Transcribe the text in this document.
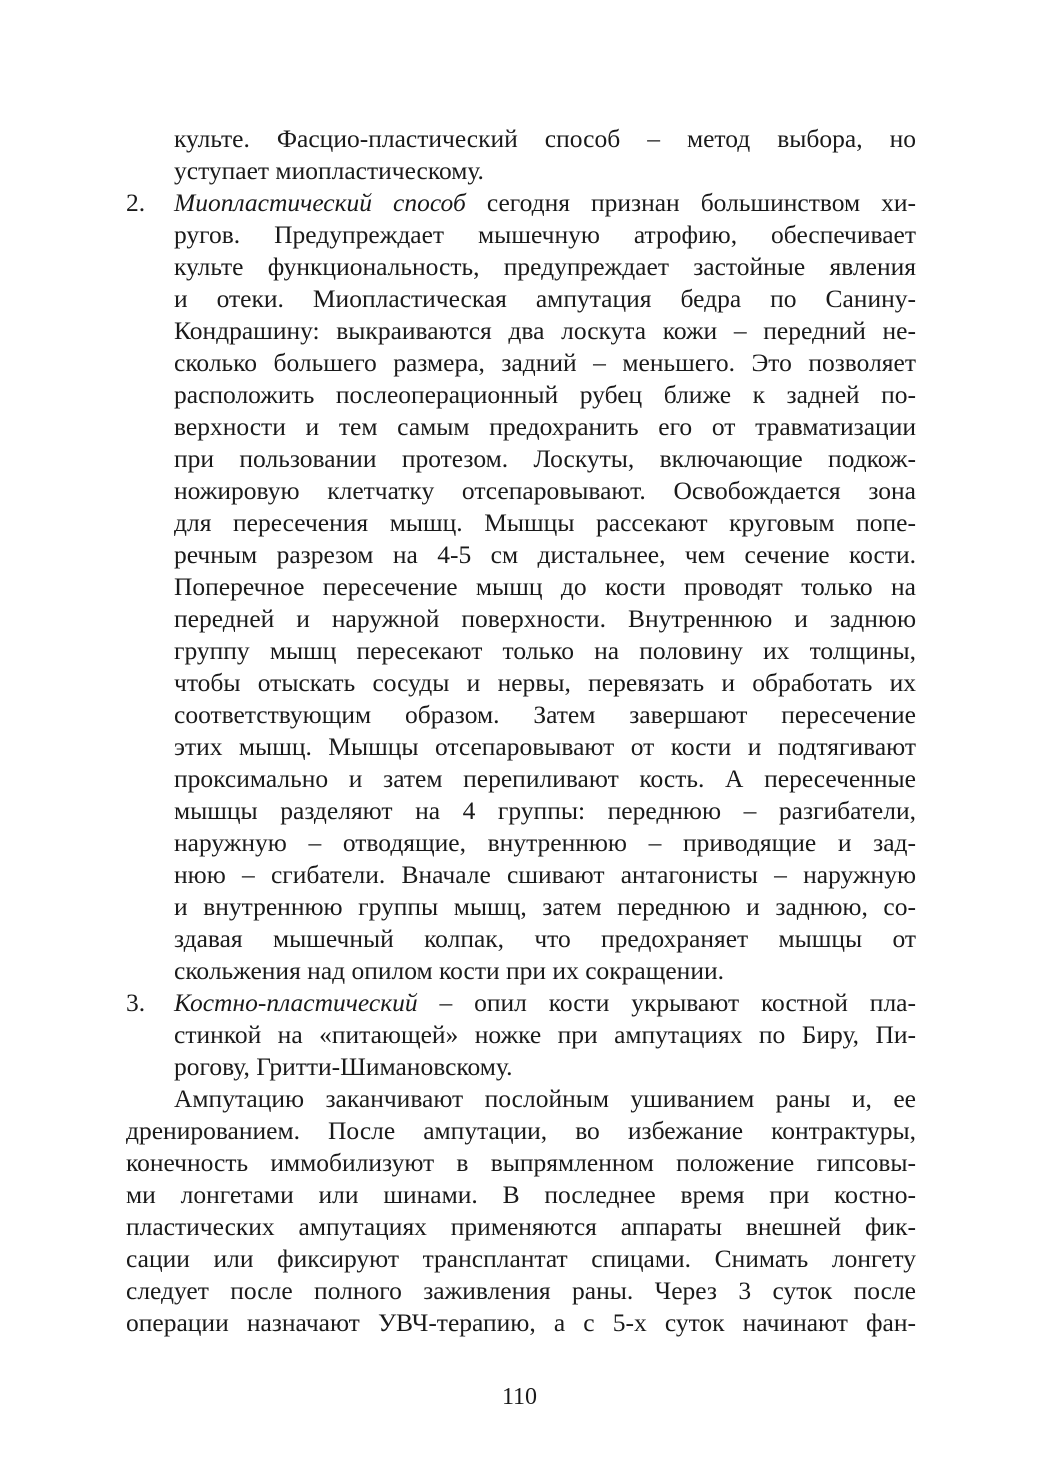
культе. Фасцио-пластический способ – метод выбора, но
уступает миопластическому.
2.	Миопластический способ сегодня признан большинством хи-
ругов. Предупреждает мышечную атрофию, обеспечивает
культе функциональность, предупреждает застойные явления
и отеки. Миопластическая ампутация бедра по Санину-
Кондрашину: выкраиваются два лоскута кожи – передний не-
сколько большего размера, задний – меньшего. Это позволяет
расположить послеоперационный рубец ближе к задней по-
верхности и тем самым предохранить его от травматизации
при пользовании протезом. Лоскуты, включающие подкож-
ножировую клетчатку отсепаровывают. Освобождается зона
для пересечения мышц. Мышцы рассекают круговым попе-
речным разрезом на 4-5 см дистальнее, чем сечение кости.
Поперечное пересечение мышц до кости проводят только на
передней и наружной поверхности. Внутреннюю и заднюю
группу мышц пересекают только на половину их толщины,
чтобы отыскать сосуды и нервы, перевязать и обработать их
соответствующим образом. Затем завершают пересечение
этих мышц. Мышцы отсепаровывают от кости и подтягивают
проксимально и затем перепиливают кость. А пересеченные
мышцы разделяют на 4 группы: переднюю – разгибатели,
наружную – отводящие, внутреннюю – приводящие и зад-
нюю – сгибатели. Вначале сшивают антагонисты – наружную
и внутреннюю группы мышц, затем переднюю и заднюю, со-
здавая мышечный колпак, что предохраняет мышцы от
скольжения над опилом кости при их сокращении.
3.	Костно-пластический – опил кости укрывают костной пла-
стинкой на «питающей» ножке при ампутациях по Биру, Пи-
рогову, Гритти-Шимановскому.
Ампутацию заканчивают послойным ушиванием раны и, ее
дренированием. После ампутации, во избежание контрактуры,
конечность иммобилизуют в выпрямленном положение гипсовы-
ми лонгетами или шинами. В последнее время при костно-
пластических ампутациях применяются аппараты внешней фик-
сации или фиксируют трансплантат спицами. Снимать лонгету
следует после полного заживления раны. Через 3 суток после
операции назначают УВЧ-терапию, а с 5-х суток начинают фан-
110
